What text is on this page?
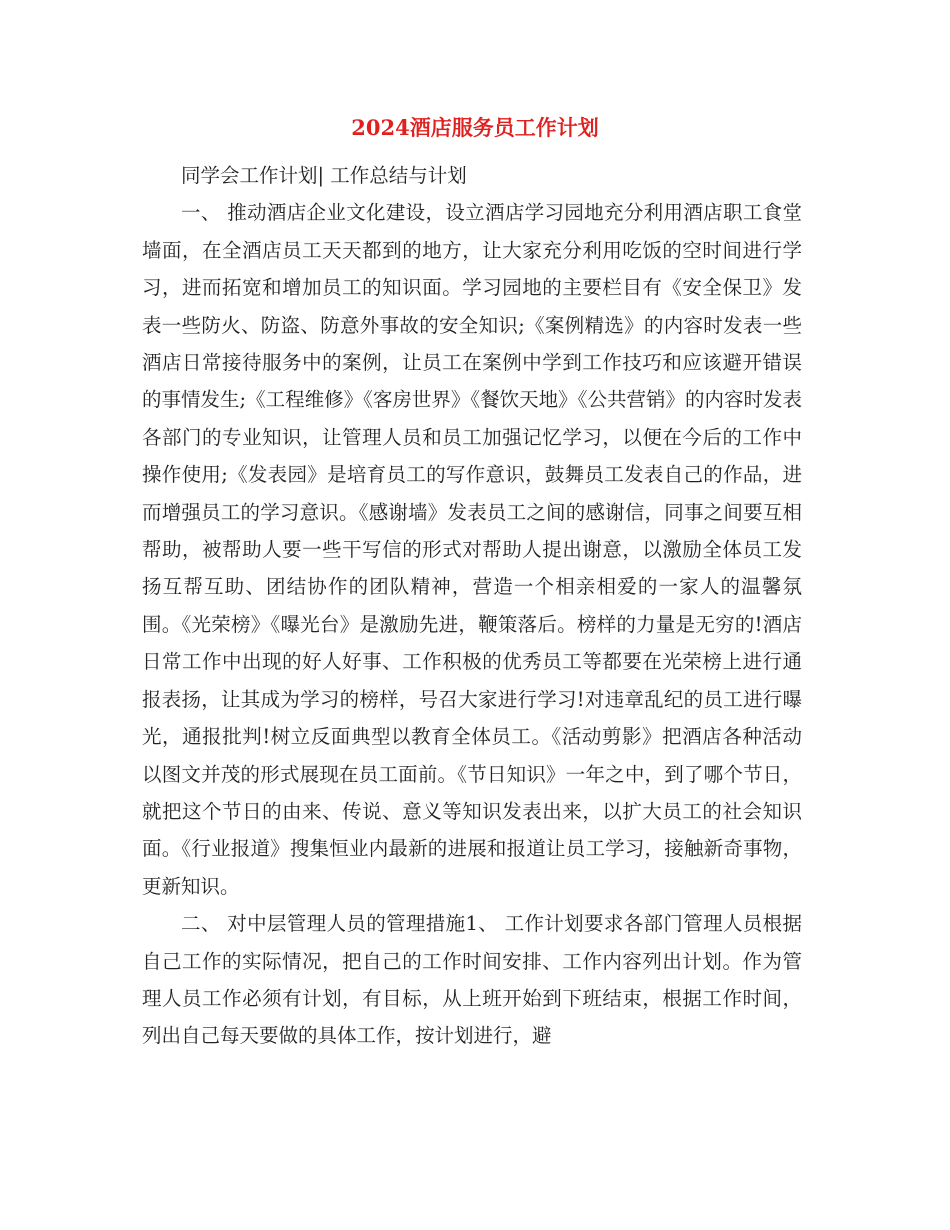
2024酒店服务员工作计划

同学会工作计划| 工作总结与计划

一、 推动酒店企业文化建设，设立酒店学习园地充分利用酒店职工食堂墙面，在全酒店员工天天都到的地方，让大家充分利用吃饭的空时间进行学习，进而拓宽和增加员工的知识面。学习园地的主要栏目有《安全保卫》发表一些防火、防盗、防意外事故的安全知识;《案例精选》的内容时发表一些酒店日常接待服务中的案例，让员工在案例中学到工作技巧和应该避开错误的事情发生;《工程维修》《客房世界》《餐饮天地》《公共营销》的内容时发表各部门的专业知识，让管理人员和员工加强记忆学习，以便在今后的工作中操作使用;《发表园》是培育员工的写作意识，鼓舞员工发表自己的作品，进而增强员工的学习意识。《感谢墙》发表员工之间的感谢信，同事之间要互相帮助，被帮助人要一些干写信的形式对帮助人提出谢意，以激励全体员工发扬互帮互助、团结协作的团队精神，营造一个相亲相爱的一家人的温馨氛围。《光荣榜》《曝光台》是激励先进，鞭策落后。榜样的力量是无穷的!酒店日常工作中出现的好人好事、工作积极的优秀员工等都要在光荣榜上进行通报表扬，让其成为学习的榜样，号召大家进行学习!对违章乱纪的员工进行曝光，通报批判!树立反面典型以教育全体员工。《活动剪影》把酒店各种活动以图文并茂的形式展现在员工面前。《节日知识》一年之中，到了哪个节日，就把这个节日的由来、传说、意义等知识发表出来，以扩大员工的社会知识面。《行业报道》搜集恒业内最新的进展和报道让员工学习，接触新奇事物，更新知识。

二、 对中层管理人员的管理措施1、 工作计划要求各部门管理人员根据自己工作的实际情况，把自己的工作时间安排、工作内容列出计划。作为管理人员工作必须有计划，有目标，从上班开始到下班结束，根据工作时间，列出自己每天要做的具体工作，按计划进行，避
